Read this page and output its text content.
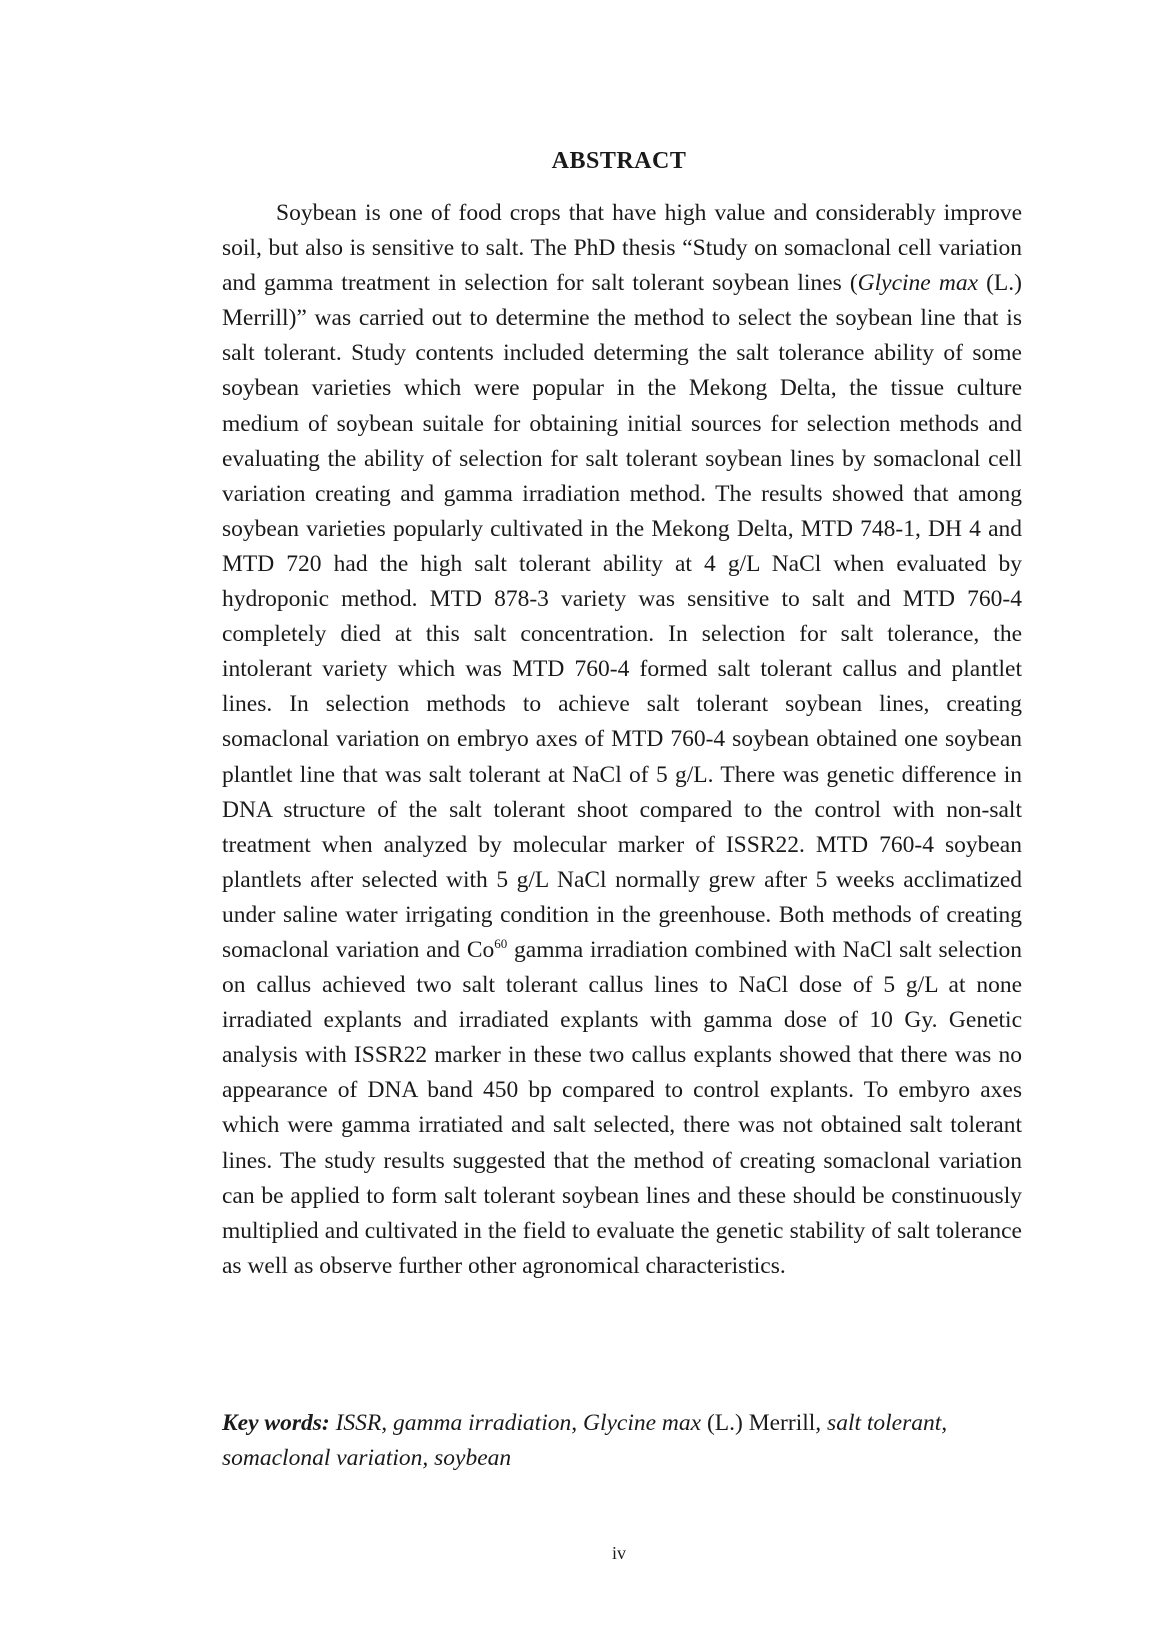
ABSTRACT

Soybean is one of food crops that have high value and considerably improve soil, but also is sensitive to salt. The PhD thesis “Study on somaclonal cell variation and gamma treatment in selection for salt tolerant soybean lines (Glycine max (L.) Merrill)” was carried out to determine the method to select the soybean line that is salt tolerant. Study contents included determing the salt tolerance ability of some soybean varieties which were popular in the Mekong Delta, the tissue culture medium of soybean suitale for obtaining initial sources for selection methods and evaluating the ability of selection for salt tolerant soybean lines by somaclonal cell variation creating and gamma irradiation method. The results showed that among soybean varieties popularly cultivated in the Mekong Delta, MTD 748-1, DH 4 and MTD 720 had the high salt tolerant ability at 4 g/L NaCl when evaluated by hydroponic method. MTD 878-3 variety was sensitive to salt and MTD 760-4 completely died at this salt concentration. In selection for salt tolerance, the intolerant variety which was MTD 760-4 formed salt tolerant callus and plantlet lines. In selection methods to achieve salt tolerant soybean lines, creating somaclonal variation on embryo axes of MTD 760-4 soybean obtained one soybean plantlet line that was salt tolerant at NaCl of 5 g/L. There was genetic difference in DNA structure of the salt tolerant shoot compared to the control with non-salt treatment when analyzed by molecular marker of ISSR22. MTD 760-4 soybean plantlets after selected with 5 g/L NaCl normally grew after 5 weeks acclimatized under saline water irrigating condition in the greenhouse. Both methods of creating somaclonal variation and Co$^{60}$ gamma irradiation combined with NaCl salt selection on callus achieved two salt tolerant callus lines to NaCl dose of 5 g/L at none irradiated explants and irradiated explants with gamma dose of 10 Gy. Genetic analysis with ISSR22 marker in these two callus explants showed that there was no appearance of DNA band 450 bp compared to control explants. To embyro axes which were gamma irratiated and salt selected, there was not obtained salt tolerant lines. The study results suggested that the method of creating somaclonal variation can be applied to form salt tolerant soybean lines and these should be constinuously multiplied and cultivated in the field to evaluate the genetic stability of salt tolerance as well as observe further other agronomical characteristics.

Key words: ISSR, gamma irradiation, Glycine max (L.) Merrill, salt tolerant, somaclonal variation, soybean

iv
